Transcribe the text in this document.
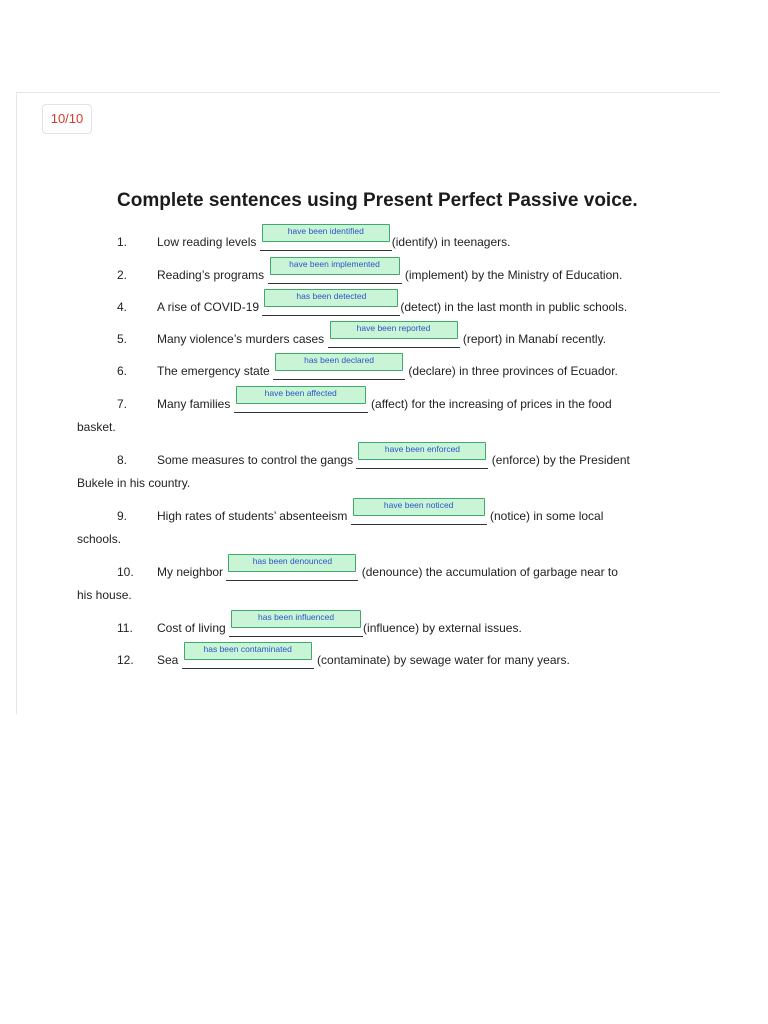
10/10
Complete sentences using Present Perfect Passive voice.
1. Low reading levels
have been identified
(identify) in teenagers.
2. Reading’s programs
have been implemented
(implement) by the Ministry of Education.
4. A rise of COVID-19
has been detected
(detect) in the last month in public schools.
5. Many violence’s murders cases
have been reported
(report) in Manabí recently.
6. The emergency state
has been declared
(declare) in three provinces of Ecuador.
7. Many families
have been affected
(affect) for the increasing of prices in the food
basket.
8. Some measures to control the gangs
have been enforced
(enforce) by the President
Bukele in his country.
9. High rates of students’ absenteeism
have been noticed
(notice) in some local
schools.
10. My neighbor
has been denounced
(denounce) the accumulation of garbage near to
his house.
11. Cost of living
has been influenced
(influence) by external issues.
12. Sea
has been contaminated
(contaminate) by sewage water for many years.
